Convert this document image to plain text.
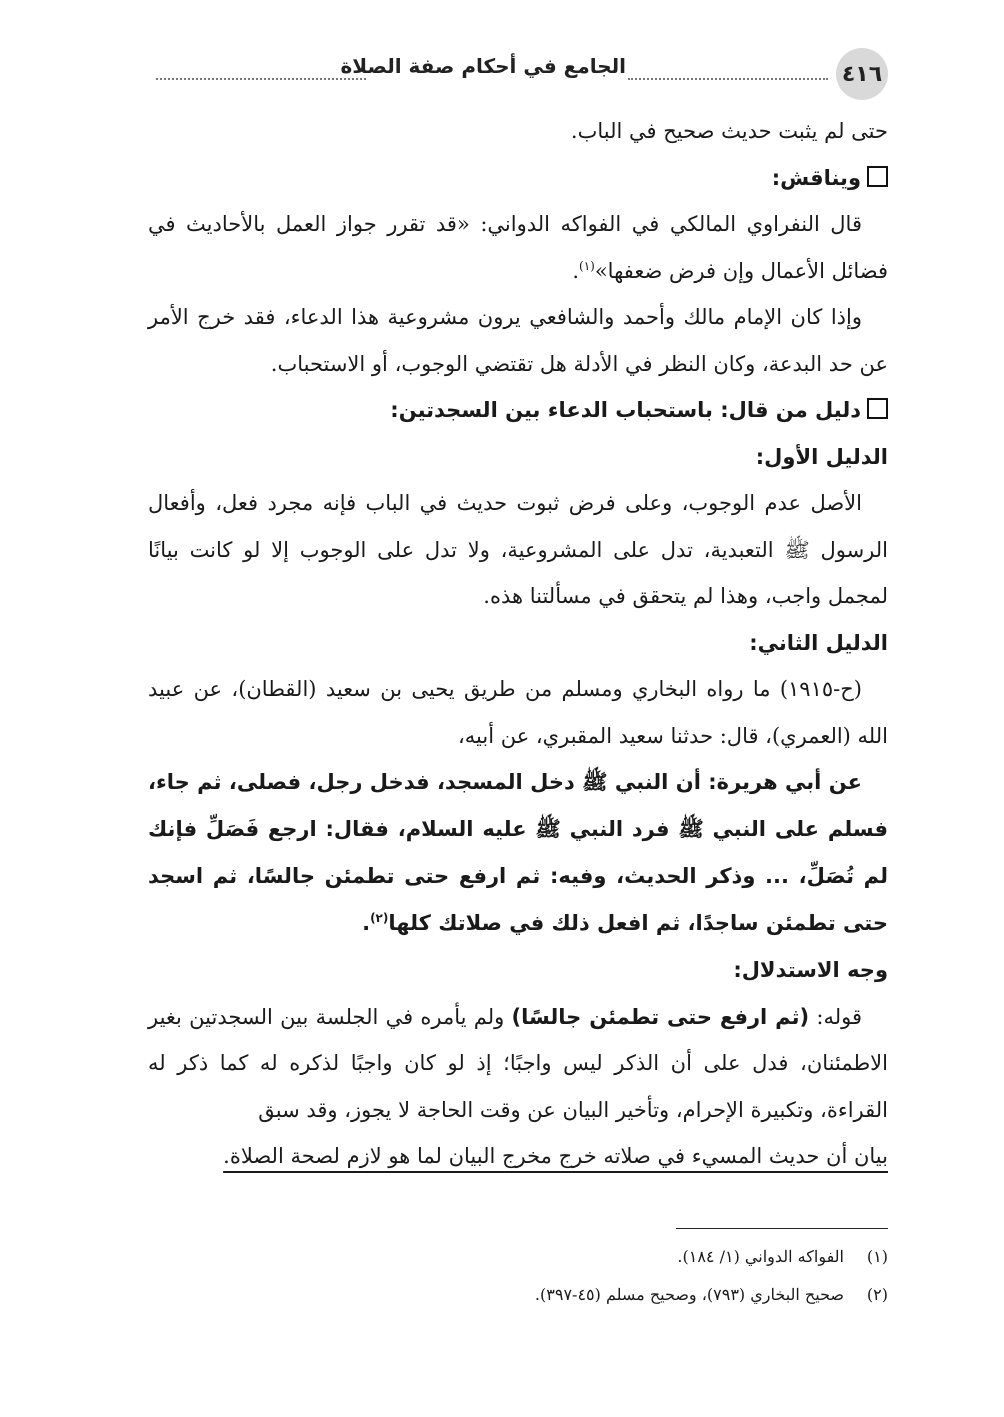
٤١٦
الجامع في أحكام صفة الصلاة

حتى لم يثبت حديث صحيح في الباب.

ويناقش:

قال النفراوي المالكي في الفواكه الدواني: «قد تقرر جواز العمل بالأحاديث في فضائل الأعمال وإن فرض ضعفها»$^{(١)}$.

وإذا كان الإمام مالك وأحمد والشافعي يرون مشروعية هذا الدعاء، فقد خرج الأمر عن حد البدعة، وكان النظر في الأدلة هل تقتضي الوجوب، أو الاستحباب.

دليل من قال: باستحباب الدعاء بين السجدتين:

الدليل الأول:

الأصل عدم الوجوب، وعلى فرض ثبوت حديث في الباب فإنه مجرد فعل، وأفعال الرسول ﷺ التعبدية، تدل على المشروعية، ولا تدل على الوجوب إلا لو كانت بيانًا لمجمل واجب، وهذا لم يتحقق في مسألتنا هذه.

الدليل الثاني:

(ح-١٩١٥) ما رواه البخاري ومسلم من طريق يحيى بن سعيد (القطان)، عن عبيد الله (العمري)، قال: حدثنا سعيد المقبري، عن أبيه،

عن أبي هريرة: أن النبي ﷺ دخل المسجد، فدخل رجل، فصلى، ثم جاء، فسلم على النبي ﷺ فرد النبي ﷺ عليه السلام، فقال: ارجع فَصَلِّ فإنك لم تُصَلِّ، ... وذكر الحديث، وفيه: ثم ارفع حتى تطمئن جالسًا، ثم اسجد حتى تطمئن ساجدًا، ثم افعل ذلك في صلاتك كلها$^{(٢)}$.

وجه الاستدلال:

قوله: (ثم ارفع حتى تطمئن جالسًا) ولم يأمره في الجلسة بين السجدتين بغير الاطمئنان، فدل على أن الذكر ليس واجبًا؛ إذ لو كان واجبًا لذكره له كما ذكر له القراءة، وتكبيرة الإحرام، وتأخير البيان عن وقت الحاجة لا يجوز، وقد سبق

بيان أن حديث المسيء في صلاته خرج مخرج البيان لما هو لازم لصحة الصلاة.

(١)الفواكه الدواني (١/ ١٨٤).

(٢)صحيح البخاري (٧٩٣)، وصحيح مسلم (٤٥-٣٩٧).
